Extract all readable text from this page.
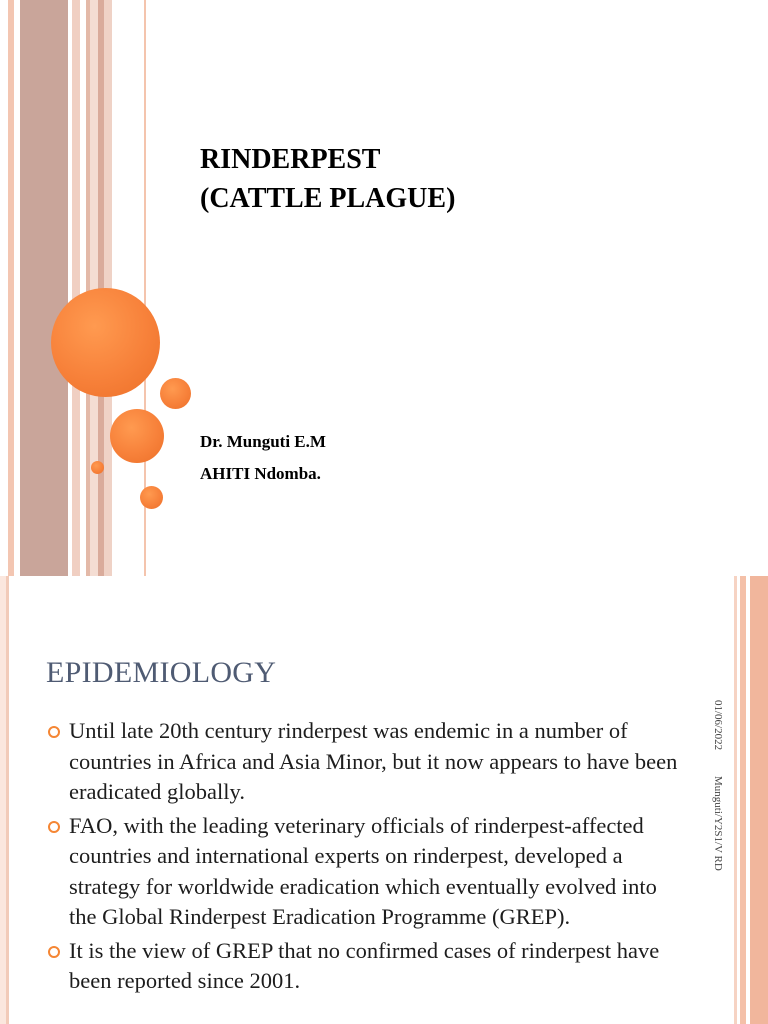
RINDERPEST
(CATTLE PLAGUE)
Dr. Munguti E.M
AHITI Ndomba.
EPIDEMIOLOGY
Until late 20th century rinderpest was endemic in a number of countries in Africa and Asia Minor, but it now appears to have been eradicated globally.
FAO, with the leading veterinary officials of rinderpest-affected countries and international experts on rinderpest, developed a strategy for worldwide eradication which eventually evolved into the Global Rinderpest Eradication Programme (GREP).
It is the view of GREP that no confirmed cases of rinderpest have been reported since 2001.
01/06/2022
Munguti/Y2S1/V RD
